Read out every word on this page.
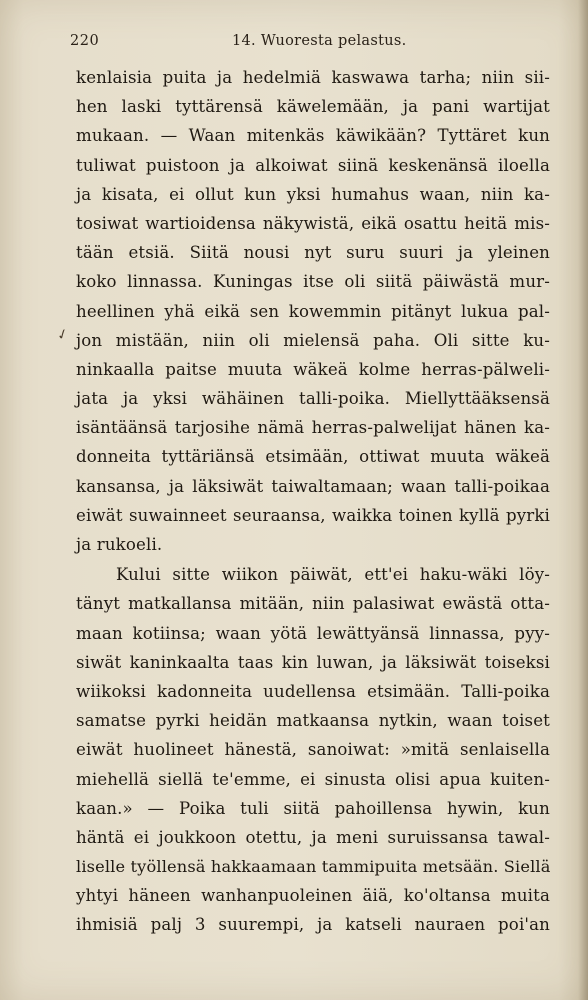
220	14. Wuoresta pelastus.
✓
kenlaisia puita ja hedelmiä kaswawa tarha; niin sii-
hen laski tyttärensä käwelemään, ja pani wartijat
mukaan. — Waan mitenkäs käwikään? Tyttäret kun
tuliwat puistoon ja alkoiwat siinä keskenänsä iloella
ja kisata, ei ollut kun yksi humahus waan, niin ka-
tosiwat wartioidensa näkywistä, eikä osattu heitä mis-
tään etsiä. Siitä nousi nyt suru suuri ja yleinen
koko linnassa. Kuningas itse oli siitä päiwästä mur-
heellinen yhä eikä sen kowemmin pitänyt lukua pal-
jon mistään, niin oli mielensä paha. Oli sitte ku-
ninkaalla paitse muuta wäkeä kolme herras-pälweli-
jata ja yksi wähäinen talli-poika. Miellyttääksensä
isäntäänsä tarjosihe nämä herras-palwelijat hänen ka-
donneita tyttäriänsä etsimään, ottiwat muuta wäkeä
kansansa, ja läksiwät taiwaltamaan; waan talli-poikaa
eiwät suwainneet seuraansa, waikka toinen kyllä pyrki
ja rukoeli.
Kului sitte wiikon päiwät, ett'ei haku-wäki löy-
tänyt matkallansa mitään, niin palasiwat ewästä otta-
maan kotiinsa; waan yötä lewättyänsä linnassa, pyy-
siwät kaninkaalta taas kin luwan, ja läksiwät toiseksi
wiikoksi kadonneita uudellensa etsimään. Talli-poika
samatse pyrki heidän matkaansa nytkin, waan toiset
eiwät huolineet hänestä, sanoiwat: »mitä senlaisella
miehellä siellä te'emme, ei sinusta olisi apua kuiten-
kaan.» — Poika tuli siitä pahoillensa hywin, kun
häntä ei joukkoon otettu, ja meni suruissansa tawal-
liselle työllensä hakkaamaan tammipuita metsään. Siellä
yhtyi häneen wanhanpuoleinen äiä, ko'oltansa muita
ihmisiä palj 3 suurempi, ja katseli nauraen poi'an
